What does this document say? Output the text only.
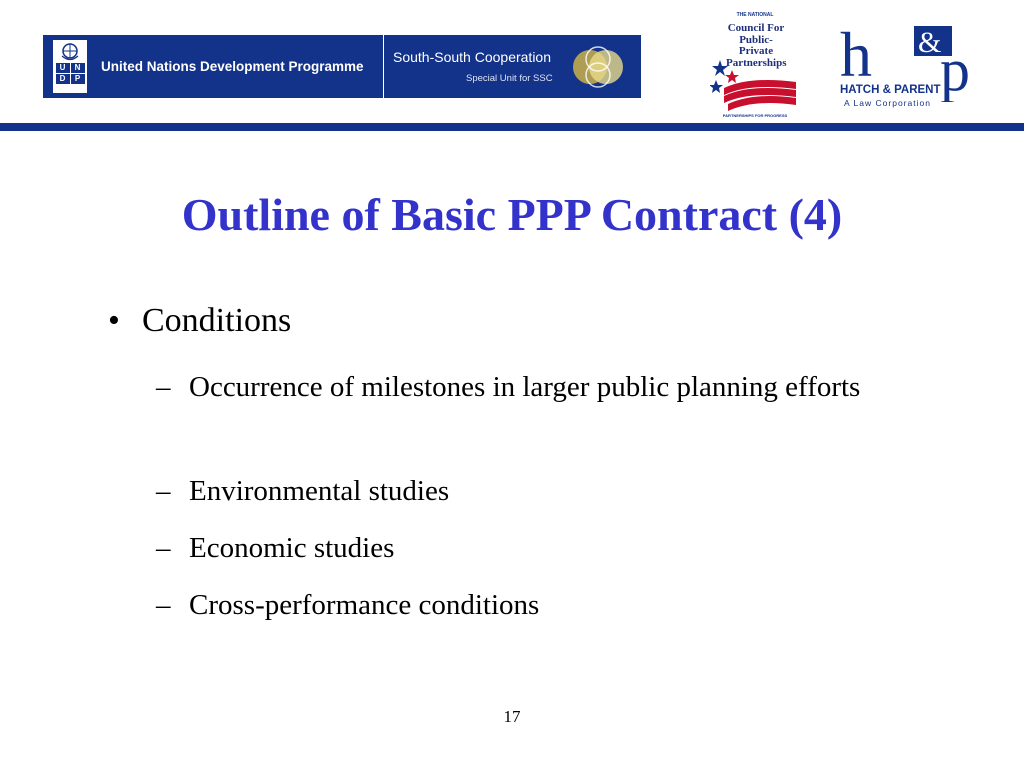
U	N
D	P
United Nations Development Programme
South-South Cooperation
Special Unit for SSC
THE NATIONAL
Council For Public-Private Partnerships
PARTNERSHIPS FOR PROGRESS
h &
p
HATCH & PARENT
A Law Corporation
Outline of Basic PPP Contract (4)
• Conditions
– Occurrence of milestones in larger public planning efforts
– Environmental studies
– Economic studies
– Cross-performance conditions
17
